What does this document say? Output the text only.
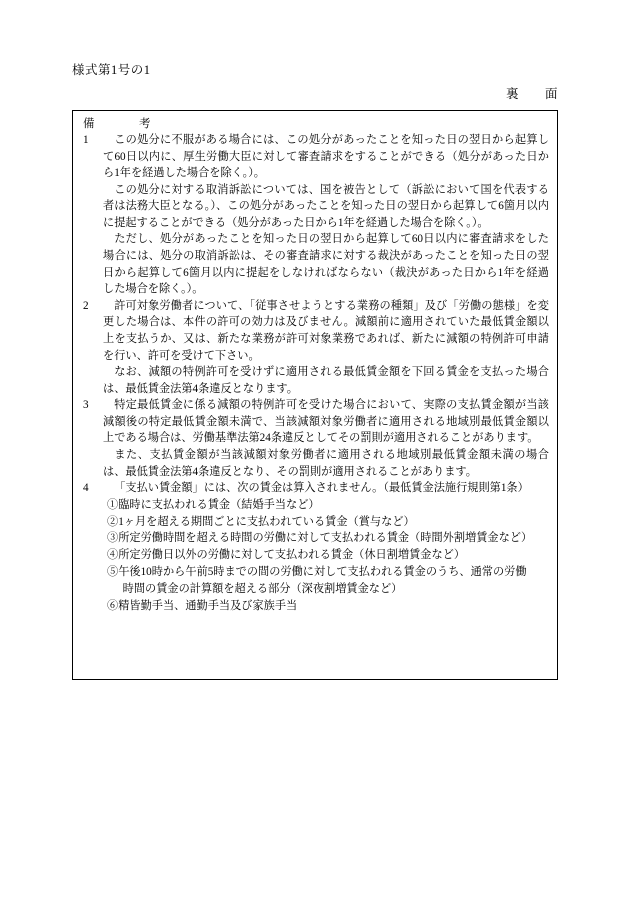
様式第1号の1
裏 面
備	考
1	この処分に不服がある場合には、この処分があったことを知った日の翌日から起算して60日以内に、厚生労働大臣に対して審査請求をすることができる（処分があった日から1年を経過した場合を除く。）。
この処分に対する取消訴訟については、国を被告として（訴訟において国を代表する者は法務大臣となる。）、この処分があったことを知った日の翌日から起算して6箇月以内に提起することができる（処分があった日から1年を経過した場合を除く。）。
ただし、処分があったことを知った日の翌日から起算して60日以内に審査請求をした場合には、処分の取消訴訟は、その審査請求に対する裁決があったことを知った日の翌日から起算して6箇月以内に提起をしなければならない（裁決があった日から1年を経過した場合を除く。）。
2	許可対象労働者について、「従事させようとする業務の種類」及び「労働の態様」を変更した場合は、本件の許可の効力は及びません。減額前に適用されていた最低賃金額以上を支払うか、又は、新たな業務が許可対象業務であれば、新たに減額の特例許可申請を行い、許可を受けて下さい。
なお、減額の特例許可を受けずに適用される最低賃金額を下回る賃金を支払った場合は、最低賃金法第4条違反となります。
3	特定最低賃金に係る減額の特例許可を受けた場合において、実際の支払賃金額が当該減額後の特定最低賃金額未満で、当該減額対象労働者に適用される地域別最低賃金額以上である場合は、労働基準法第24条違反としてその罰則が適用されることがあります。
また、支払賃金額が当該減額対象労働者に適用される地域別最低賃金額未満の場合は、最低賃金法第4条違反となり、その罰則が適用されることがあります。
4	「支払い賃金額」には、次の賃金は算入されません。（最低賃金法施行規則第1条）
①臨時に支払われる賃金（結婚手当など）
②1ヶ月を超える期間ごとに支払われている賃金（賞与など）
③所定労働時間を超える時間の労働に対して支払われる賃金（時間外割増賃金など）
④所定労働日以外の労働に対して支払われる賃金（休日割増賃金など）
⑤午後10時から午前5時までの間の労働に対して支払われる賃金のうち、通常の労働
時間の賃金の計算額を超える部分（深夜割増賃金など）
⑥精皆勤手当、通勤手当及び家族手当
